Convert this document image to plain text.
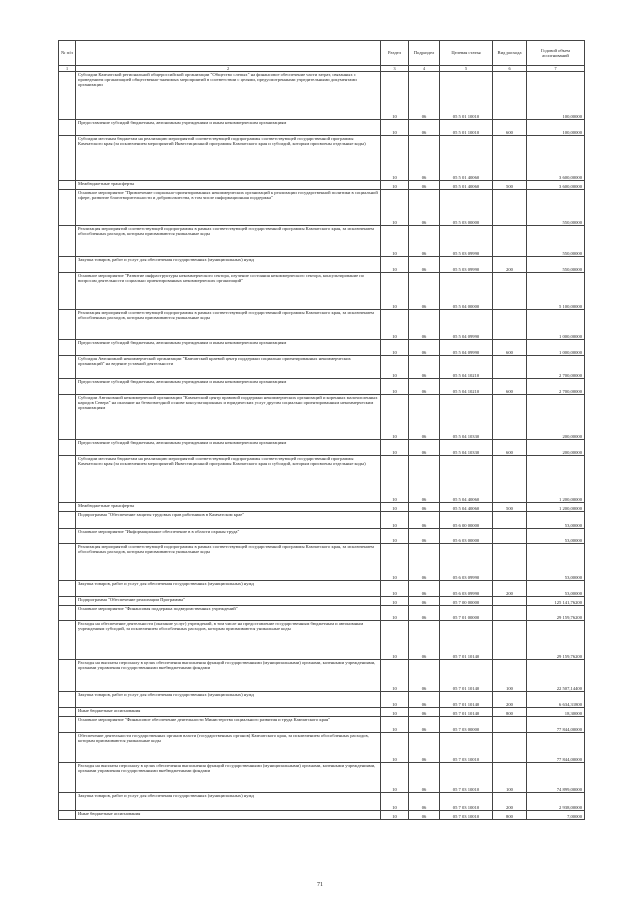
№ п/п		Раздел	Подраздел	Целевая статья	Вид расхода	Годовой объем ассигнований
1	2	3	4	5	6	7
	Субсидии Камчатской региональной общероссийской организации "Общество слепых" на финансовое обеспечение части затрат, связанных с проведением организацией общественно-значимых мероприятий в соответствии с целями, предусмотренными учредительными документами организации	10	06	05 5 01 10010		100,00000
	Предоставление субсидий бюджетным, автономным учреждениям и иным некоммерческим организациям	10	06	05 5 01 10010	600	100,00000
	Субсидии местным бюджетам на реализацию мероприятий соответствующей подпрограммы соответствующей государственной программы Камчатского края (за исключением мероприятий Инвестиционной программы Камчатского края и субсидий, которым присвоены отдельные коды)	10	06	05 5 01 40060		3 600,00000
	Межбюджетные трансферты	10	06	05 5 01 40060	500	3 600,00000
	Основное мероприятие "Привлечение социально-ориентированных некоммерческих организаций к реализации государственной политики в социальной сфере, развитие благотворительности и добровольчества, в том числе информационная поддержка"	10	06	05 5 03 00000		550,00000
	Реализация мероприятий соответствующей подпрограммы в рамках соответствующей государственной программы Камчатского края, за исключением обособленных расходов, которым присваиваются уникальные коды	10	06	05 5 03 09990		550,00000
	Закупка товаров, работ и услуг для обеспечения государственных (муниципальных) нужд	10	06	05 5 03 09990	200	550,00000
	Основное мероприятие "Развитие инфраструктуры некоммерческого сектора, изучение состояния некоммерческого сектора, консультирование по вопросам деятельности социально ориентированных некоммерческих организаций"	10	06	05 5 04 00000		5 100,00000
	Реализация мероприятий соответствующей подпрограммы в рамках соответствующей государственной программы Камчатского края, за исключением обособленных расходов, которым присваиваются уникальные коды	10	06	05 5 04 09990		1 000,00000
	Предоставление субсидий бюджетным, автономным учреждениям и иным некоммерческим организациям	10	06	05 5 04 09990	600	1 000,00000
	Субсидия Автономной некоммерческой организации "Камчатский краевой центр поддержки социально ориентированных некоммерческих организаций" на ведение уставной деятельности	10	06	05 5 04 10210		2 700,00000
	Предоставление субсидий бюджетным, автономным учреждениям и иным некоммерческим организациям	10	06	05 5 04 10210	600	2 700,00000
	Субсидии Автономной некоммерческой организации "Камчатский центр правовой поддержки некоммерческих организаций и коренных малочисленных народов Севера" на оказание на безвозмездной основе консультационных и юридических услуг другим социально ориентированным некоммерческим организациям	10	06	05 5 04 10330		200,00000
	Предоставление субсидий бюджетным, автономным учреждениям и иным некоммерческим организациям	10	06	05 5 04 10330	600	200,00000
	Субсидии местным бюджетам на реализацию мероприятий соответствующей подпрограммы соответствующей государственной программы Камчатского края (за исключением мероприятий Инвестиционной программы Камчатского края и субсидий, которым присвоены отдельные коды)	10	06	05 5 04 40060		1 200,00000
	Межбюджетные трансферты	10	06	05 5 04 40060	500	1 200,00000
	Подпрограмма "Обеспечение защиты трудовых прав работников в Камчатском крае"	10	06	05 6 00 00000		53,00000
	Основное мероприятие "Информационное обеспечение в в области охраны труда"	10	06	05 6 03 00000		53,00000
	Реализация мероприятий соответствующей подпрограммы в рамках соответствующей государственной программы Камчатского края, за исключением обособленных расходов, которым присваиваются уникальные коды	10	06	05 6 03 09990		53,00000
	Закупка товаров, работ и услуг для обеспечения государственных (муниципальных) нужд	10	06	05 6 03 09990	200	53,00000
	Подпрограмма "Обеспечение реализации Программы"	10	06	05 7 00 00000		125 141,76200
	Основное мероприятие "Финансовая поддержка подведомственных учреждений"	10	06	05 7 01 00000		29 159,76200
	Расходы на обеспечение деятельности (оказание услуг) учреждений, в том числе на предоставление государственным бюджетным и автономным учреждениям субсидий, за исключением обособленных расходов, которым присваиваются уникальные коды	10	06	05 7 01 10140		29 159,76200
	Расходы на выплаты персоналу в целях обеспечения выполнения функций государственными (муниципальными) органами, казенными учреждениями, органами управления государственными внебюджетными фондами	10	06	05 7 01 10140	100	22 507,14400
	Закупка товаров, работ и услуг для обеспечения государственных (муниципальных) нужд	10	06	05 7 01 10140	200	6 634,31800
	Иные бюджетные ассигнования	10	06	05 7 01 10140	800	18,30000
	Основное мероприятие "Финансовое обеспечение деятельности Министерства социального развития и труда Камчатского края"	10	06	05 7 03 00000		77 844,00000
	Обеспечение деятельности государственных органов власти (государственных органов) Камчатского края, за исключением обособленных расходов, которым присваиваются уникальные коды	10	06	05 7 03 10010		77 844,00000
	Расходы на выплаты персоналу в целях обеспечения выполнения функций государственными (муниципальными) органами, казенными учреждениями, органами управления государственными внебюджетными фондами	10	06	05 7 03 10010	100	74 899,00000
	Закупка товаров, работ и услуг для обеспечения государственных (муниципальных) нужд	10	06	05 7 03 10010	200	2 938,00000
	Иные бюджетные ассигнования	10	06	05 7 03 10010	800	7,00000
71
